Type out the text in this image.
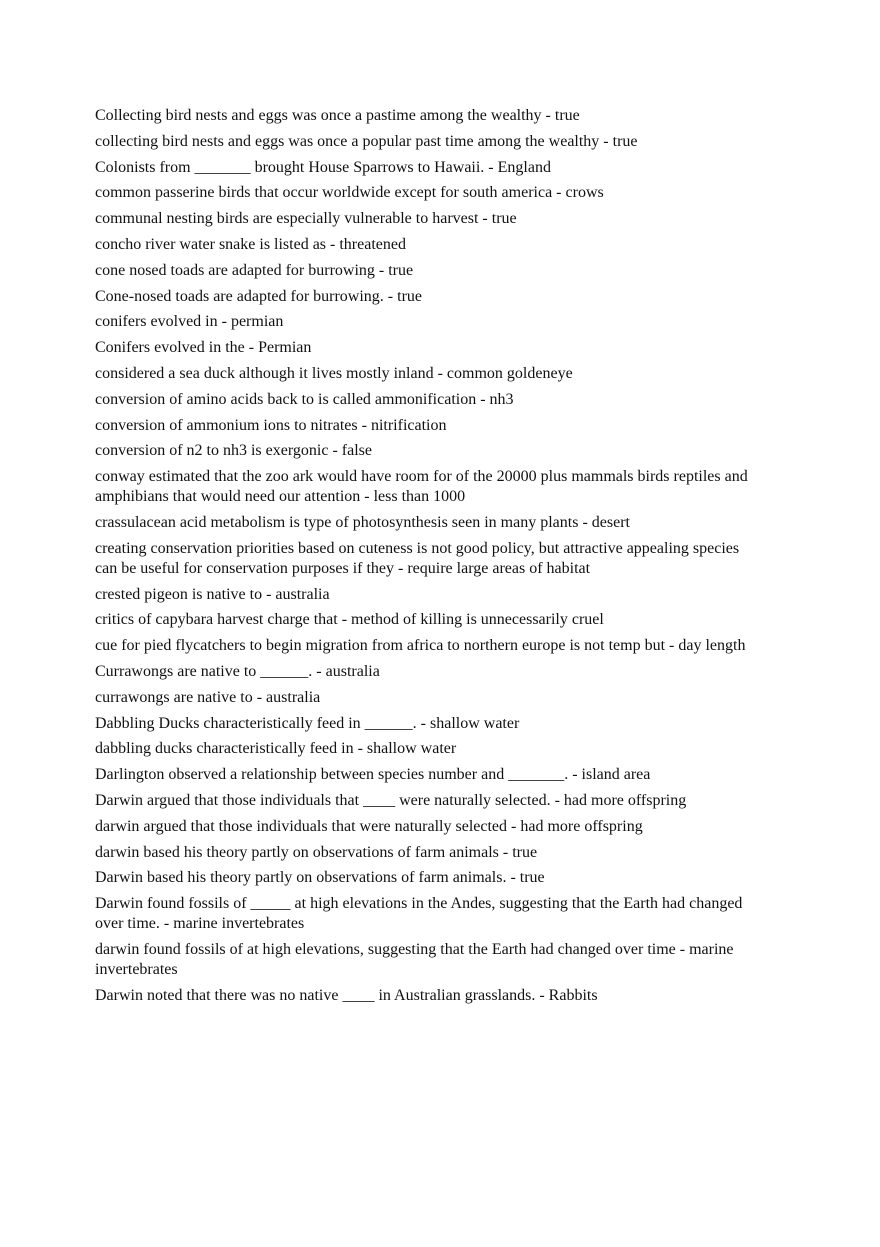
Collecting bird nests and eggs was once a pastime among the wealthy - true

collecting bird nests and eggs was once a popular past time among the wealthy - true

Colonists from _______ brought House Sparrows to Hawaii. - England

common passerine birds that occur worldwide except for south america - crows

communal nesting birds are especially vulnerable to harvest - true

concho river water snake is listed as - threatened

cone nosed toads are adapted for burrowing - true

Cone-nosed toads are adapted for burrowing. - true

conifers evolved in - permian

Conifers evolved in the - Permian

considered a sea duck although it lives mostly inland - common goldeneye

conversion of amino acids back to is called ammonification - nh3

conversion of ammonium ions to nitrates - nitrification

conversion of n2 to nh3 is exergonic - false

conway estimated that the zoo ark would have room for of the 20000 plus mammals birds reptiles and amphibians that would need our attention - less than 1000

crassulacean acid metabolism is type of photosynthesis seen in many plants - desert

creating conservation priorities based on cuteness is not good policy, but attractive appealing species can be useful for conservation purposes if they - require large areas of habitat

crested pigeon is native to - australia

critics of capybara harvest charge that - method of killing is unnecessarily cruel

cue for pied flycatchers to begin migration from africa to northern europe is not temp but - day length

Currawongs are native to ______. - australia

currawongs are native to - australia

Dabbling Ducks characteristically feed in ______. - shallow water

dabbling ducks characteristically feed in - shallow water

Darlington observed a relationship between species number and _______. - island area

Darwin argued that those individuals that ____ were naturally selected. - had more offspring

darwin argued that those individuals that were naturally selected - had more offspring

darwin based his theory partly on observations of farm animals - true

Darwin based his theory partly on observations of farm animals. - true

Darwin found fossils of _____ at high elevations in the Andes, suggesting that the Earth had changed over time. - marine invertebrates

darwin found fossils of at high elevations, suggesting that the Earth had changed over time - marine invertebrates

Darwin noted that there was no native ____ in Australian grasslands. - Rabbits
